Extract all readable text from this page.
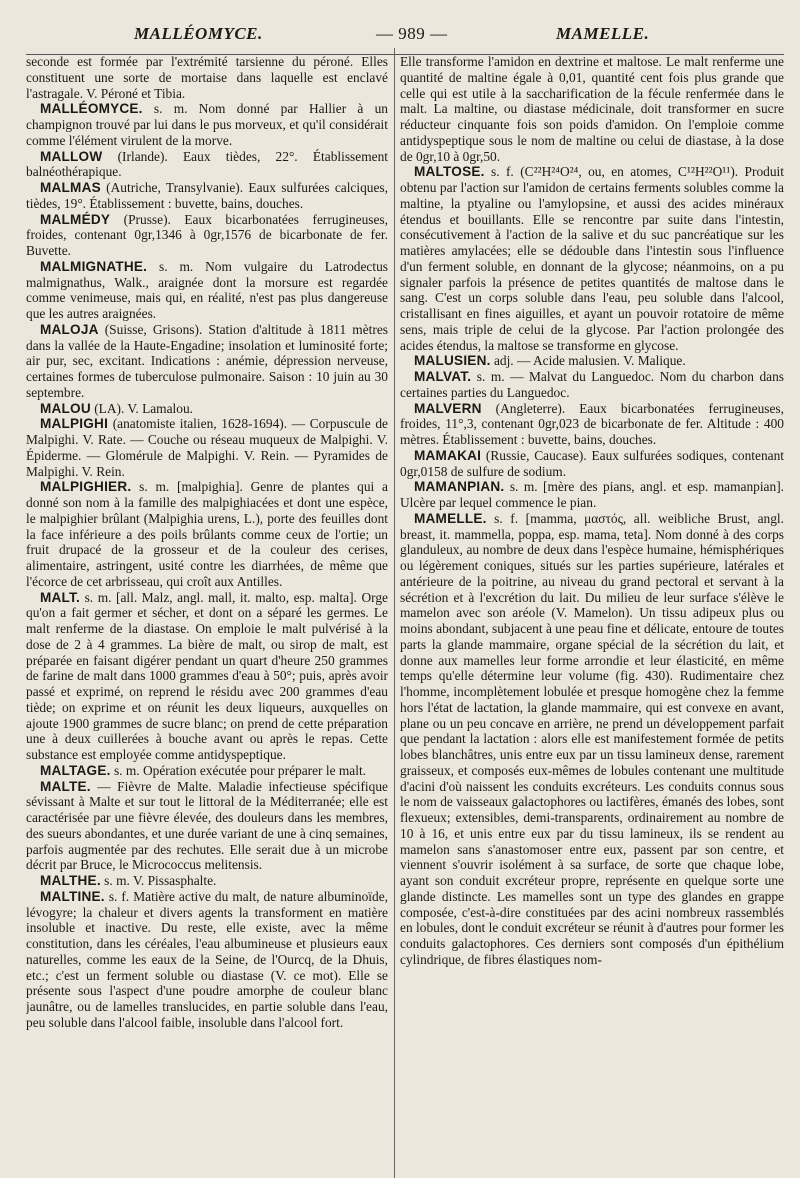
MALLÉOMYCE.	— 989 —	MAMELLE.

seconde est formée par l'extrémité tarsienne du péroné. Elles constituent une sorte de mortaise dans laquelle est enclavé l'astragale. V. Péroné et Tibia.

MALLÉOMYCE. s. m. Nom donné par Hallier à un champignon trouvé par lui dans le pus morveux, et qu'il considérait comme l'élément virulent de la morve.

MALLOW (Irlande). Eaux tièdes, 22°. Établissement balnéothérapique.

MALMAS (Autriche, Transylvanie). Eaux sulfurées calciques, tièdes, 19°. Établissement : buvette, bains, douches.

MALMÉDY (Prusse). Eaux bicarbonatées ferrugineuses, froides, contenant 0gr,1346 à 0gr,1576 de bicarbonate de fer. Buvette.

MALMIGNATHE. s. m. Nom vulgaire du Latrodectus malmignathus, Walk., araignée dont la morsure est regardée comme venimeuse, mais qui, en réalité, n'est pas plus dangereuse que les autres araignées.

MALOJA (Suisse, Grisons). Station d'altitude à 1811 mètres dans la vallée de la Haute-Engadine; insolation et luminosité forte; air pur, sec, excitant. Indications : anémie, dépression nerveuse, certaines formes de tuberculose pulmonaire. Saison : 10 juin au 30 septembre.

MALOU (LA). V. Lamalou.

MALPIGHI (anatomiste italien, 1628-1694). — Corpuscule de Malpighi. V. Rate. — Couche ou réseau muqueux de Malpighi. V. Épiderme. — Glomérule de Malpighi. V. Rein. — Pyramides de Malpighi. V. Rein.

MALPIGHIER. s. m. [malpighia]. Genre de plantes qui a donné son nom à la famille des malpighiacées et dont une espèce, le malpighier brûlant (Malpighia urens, L.), porte des feuilles dont la face inférieure a des poils brûlants comme ceux de l'ortie; un fruit drupacé de la grosseur et de la couleur des cerises, alimentaire, astringent, usité contre les diarrhées, de même que l'écorce de cet arbrisseau, qui croît aux Antilles.

MALT. s. m. [all. Malz, angl. mall, it. malto, esp. malta]. Orge qu'on a fait germer et sécher, et dont on a séparé les germes. Le malt renferme de la diastase. On emploie le malt pulvérisé à la dose de 2 à 4 grammes. La bière de malt, ou sirop de malt, est préparée en faisant digérer pendant un quart d'heure 250 grammes de farine de malt dans 1000 grammes d'eau à 50°; puis, après avoir passé et exprimé, on reprend le résidu avec 200 grammes d'eau tiède; on exprime et on réunit les deux liqueurs, auxquelles on ajoute 1900 grammes de sucre blanc; on prend de cette préparation une à deux cuillerées à bouche avant ou après le repas. Cette substance est employée comme antidyspeptique.

MALTAGE. s. m. Opération exécutée pour préparer le malt.

MALTE. — Fièvre de Malte. Maladie infectieuse spécifique sévissant à Malte et sur tout le littoral de la Méditerranée; elle est caractérisée par une fièvre élevée, des douleurs dans les membres, des sueurs abondantes, et une durée variant de une à cinq semaines, parfois augmentée par des rechutes. Elle serait due à un microbe décrit par Bruce, le Micrococcus melitensis.

MALTHE. s. m. V. Pissasphalte.

MALTINE. s. f. Matière active du malt, de nature albuminoïde, lévogyre; la chaleur et divers agents la transforment en matière insoluble et inactive. Du reste, elle existe, avec la même constitution, dans les céréales, l'eau albumineuse et plusieurs eaux naturelles, comme les eaux de la Seine, de l'Ourcq, de la Dhuis, etc.; c'est un ferment soluble ou diastase (V. ce mot). Elle se présente sous l'aspect d'une poudre amorphe de couleur blanc jaunâtre, ou de lamelles translucides, en partie soluble dans l'eau, peu soluble dans l'alcool faible, insoluble dans l'alcool fort.

Elle transforme l'amidon en dextrine et maltose. Le malt renferme une quantité de maltine égale à 0,01, quantité cent fois plus grande que celle qui est utile à la saccharification de la fécule renfermée dans le malt. La maltine, ou diastase médicinale, doit transformer en sucre réducteur cinquante fois son poids d'amidon. On l'emploie comme antidyspeptique sous le nom de maltine ou celui de diastase, à la dose de 0gr,10 à 0gr,50.

MALTOSE. s. f. (C²²H²⁴O²⁴, ou, en atomes, C¹²H²²O¹¹). Produit obtenu par l'action sur l'amidon de certains ferments solubles comme la maltine, la ptyaline ou l'amylopsine, et aussi des acides minéraux étendus et bouillants. Elle se rencontre par suite dans l'intestin, consécutivement à l'action de la salive et du suc pancréatique sur les matières amylacées; elle se dédouble dans l'intestin sous l'influence d'un ferment soluble, en donnant de la glycose; néanmoins, on a pu signaler parfois la présence de petites quantités de maltose dans le sang. C'est un corps soluble dans l'eau, peu soluble dans l'alcool, cristallisant en fines aiguilles, et ayant un pouvoir rotatoire de même sens, mais triple de celui de la glycose. Par l'action prolongée des acides étendus, la maltose se transforme en glycose.

MALUSIEN. adj. — Acide malusien. V. Malique.

MALVAT. s. m. — Malvat du Languedoc. Nom du charbon dans certaines parties du Languedoc.

MALVERN (Angleterre). Eaux bicarbonatées ferrugineuses, froides, 11°,3, contenant 0gr,023 de bicarbonate de fer. Altitude : 400 mètres. Établissement : buvette, bains, douches.

MAMAKAI (Russie, Caucase). Eaux sulfurées sodiques, contenant 0gr,0158 de sulfure de sodium.

MAMANPIAN. s. m. [mère des pians, angl. et esp. mamanpian]. Ulcère par lequel commence le pian.

MAMELLE. s. f. [mamma, μαστός, all. weibliche Brust, angl. breast, it. mammella, poppa, esp. mama, teta]. Nom donné à des corps glanduleux, au nombre de deux dans l'espèce humaine, hémisphériques ou légèrement coniques, situés sur les parties supérieure, latérales et antérieure de la poitrine, au niveau du grand pectoral et servant à la sécrétion et à l'excrétion du lait. Du milieu de leur surface s'élève le mamelon avec son aréole (V. Mamelon). Un tissu adipeux plus ou moins abondant, subjacent à une peau fine et délicate, entoure de toutes parts la glande mammaire, organe spécial de la sécrétion du lait, et donne aux mamelles leur forme arrondie et leur élasticité, en même temps qu'elle détermine leur volume (fig. 430). Rudimentaire chez l'homme, incomplètement lobulée et presque homogène chez la femme hors l'état de lactation, la glande mammaire, qui est convexe en avant, plane ou un peu concave en arrière, ne prend un développement parfait que pendant la lactation : alors elle est manifestement formée de petits lobes blanchâtres, unis entre eux par un tissu lamineux dense, rarement graisseux, et composés eux-mêmes de lobules contenant une multitude d'acini d'où naissent les conduits excréteurs. Les conduits connus sous le nom de vaisseaux galactophores ou lactifères, émanés des lobes, sont flexueux; extensibles, demi-transparents, ordinairement au nombre de 10 à 16, et unis entre eux par du tissu lamineux, ils se rendent au mamelon sans s'anastomoser entre eux, passent par son centre, et viennent s'ouvrir isolément à sa surface, de sorte que chaque lobe, ayant son conduit excréteur propre, représente en quelque sorte une glande distincte. Les mamelles sont un type des glandes en grappe composée, c'est-à-dire constituées par des acini nombreux rassemblés en lobules, dont le conduit excréteur se réunit à d'autres pour former les conduits galactophores. Ces derniers sont composés d'un épithélium cylindrique, de fibres élastiques nom-
